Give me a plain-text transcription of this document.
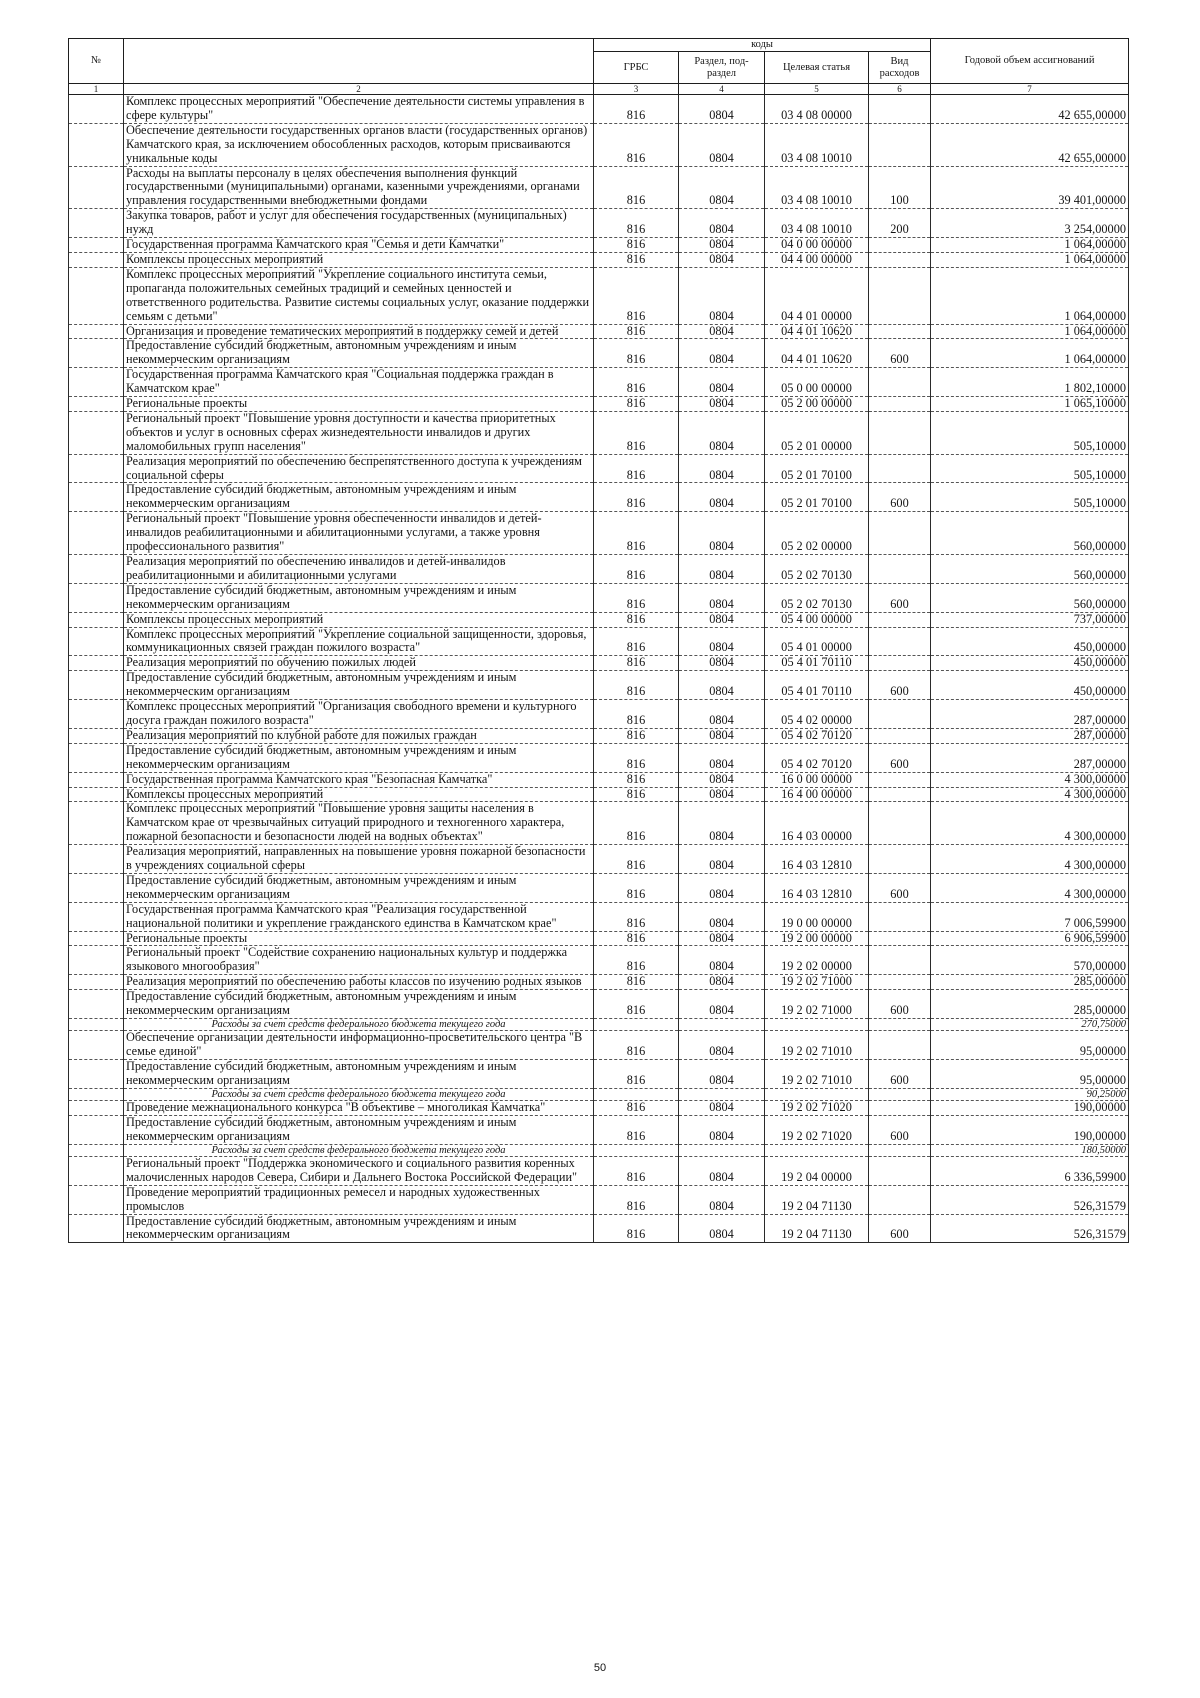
№		коды				Годовой объем ассигнований
		ГРБС	Раздел, под-раздел	Целевая статья	Вид расходов	
1	2	3	4	5	6	7
	Комплекс процессных мероприятий "Обеспечение деятельности системы управления в сфере культуры"	816	0804	03 4 08 00000		42 655,00000
	Обеспечение деятельности государственных органов власти (государственных органов) Камчатского края, за исключением обособленных расходов, которым присваиваются уникальные коды	816	0804	03 4 08 10010		42 655,00000
	Расходы на выплаты персоналу в целях обеспечения выполнения функций государственными (муниципальными) органами, казенными учреждениями, органами управления государственными внебюджетными фондами	816	0804	03 4 08 10010	100	39 401,00000
	Закупка товаров, работ и услуг для обеспечения государственных (муниципальных) нужд	816	0804	03 4 08 10010	200	3 254,00000
	Государственная программа Камчатского края "Семья и дети Камчатки"	816	0804	04 0 00 00000		1 064,00000
	Комплексы процессных мероприятий	816	0804	04 4 00 00000		1 064,00000
	Комплекс процессных мероприятий "Укрепление социального института семьи, пропаганда положительных семейных традиций и семейных ценностей и ответственного родительства. Развитие системы социальных услуг, оказание поддержки семьям с детьми"	816	0804	04 4 01 00000		1 064,00000
	Организация и проведение тематических мероприятий в поддержку семей и детей	816	0804	04 4 01 10620		1 064,00000
	Предоставление субсидий бюджетным, автономным учреждениям и иным некоммерческим организациям	816	0804	04 4 01 10620	600	1 064,00000
	Государственная программа Камчатского края "Социальная поддержка граждан в Камчатском крае"	816	0804	05 0 00 00000		1 802,10000
	Региональные проекты	816	0804	05 2 00 00000		1 065,10000
	Региональный проект "Повышение уровня доступности и качества приоритетных объектов и услуг в основных сферах жизнедеятельности инвалидов и других маломобильных групп населения"	816	0804	05 2 01 00000		505,10000
	Реализация мероприятий по обеспечению беспрепятственного доступа к учреждениям социальной сферы	816	0804	05 2 01 70100		505,10000
	Предоставление субсидий бюджетным, автономным учреждениям и иным некоммерческим организациям	816	0804	05 2 01 70100	600	505,10000
	Региональный проект "Повышение уровня обеспеченности инвалидов и детей-инвалидов реабилитационными и абилитационными услугами, а также уровня профессионального развития"	816	0804	05 2 02 00000		560,00000
	Реализация мероприятий по обеспечению инвалидов и детей-инвалидов реабилитационными и абилитационными услугами	816	0804	05 2 02 70130		560,00000
	Предоставление субсидий бюджетным, автономным учреждениям и иным некоммерческим организациям	816	0804	05 2 02 70130	600	560,00000
	Комплексы процессных мероприятий	816	0804	05 4 00 00000		737,00000
	Комплекс процессных мероприятий "Укрепление социальной защищенности, здоровья, коммуникационных связей граждан пожилого возраста"	816	0804	05 4 01 00000		450,00000
	Реализация мероприятий по обучению пожилых людей	816	0804	05 4 01 70110		450,00000
	Предоставление субсидий бюджетным, автономным учреждениям и иным некоммерческим организациям	816	0804	05 4 01 70110	600	450,00000
	Комплекс процессных мероприятий "Организация свободного времени и культурного досуга граждан пожилого возраста"	816	0804	05 4 02 00000		287,00000
	Реализация мероприятий по клубной работе для пожилых граждан	816	0804	05 4 02 70120		287,00000
	Предоставление субсидий бюджетным, автономным учреждениям и иным некоммерческим организациям	816	0804	05 4 02 70120	600	287,00000
	Государственная программа Камчатского края "Безопасная Камчатка"	816	0804	16 0 00 00000		4 300,00000
	Комплексы процессных мероприятий	816	0804	16 4 00 00000		4 300,00000
	Комплекс процессных мероприятий "Повышение уровня защиты населения в Камчатском крае от чрезвычайных ситуаций природного и техногенного характера, пожарной безопасности и безопасности людей на водных объектах"	816	0804	16 4 03 00000		4 300,00000
	Реализация мероприятий, направленных на повышение уровня пожарной безопасности в учреждениях социальной сферы	816	0804	16 4 03 12810		4 300,00000
	Предоставление субсидий бюджетным, автономным учреждениям и иным некоммерческим организациям	816	0804	16 4 03 12810	600	4 300,00000
	Государственная программа Камчатского края "Реализация государственной национальной политики и укрепление гражданского единства в Камчатском крае"	816	0804	19 0 00 00000		7 006,59900
	Региональные проекты	816	0804	19 2 00 00000		6 906,59900
	Региональный проект "Содействие сохранению национальных культур и поддержка языкового многообразия"	816	0804	19 2 02 00000		570,00000
	Реализация мероприятий по обеспечению работы классов по изучению родных языков	816	0804	19 2 02 71000		285,00000
	Предоставление субсидий бюджетным, автономным учреждениям и иным некоммерческим организациям	816	0804	19 2 02 71000	600	285,00000
	Расходы за счет средств федерального бюджета текущего года					270,75000
	Обеспечение организации деятельности информационно-просветительского центра "В семье единой"	816	0804	19 2 02 71010		95,00000
	Предоставление субсидий бюджетным, автономным учреждениям и иным некоммерческим организациям	816	0804	19 2 02 71010	600	95,00000
	Расходы за счет средств федерального бюджета текущего года					90,25000
	Проведение межнационального конкурса "В объективе – многоликая Камчатка"	816	0804	19 2 02 71020		190,00000
	Предоставление субсидий бюджетным, автономным учреждениям и иным некоммерческим организациям	816	0804	19 2 02 71020	600	190,00000
	Расходы за счет средств федерального бюджета текущего года					180,50000
	Региональный проект "Поддержка экономического и социального развития коренных малочисленных народов Севера, Сибири и Дальнего Востока Российской Федерации"	816	0804	19 2 04 00000		6 336,59900
	Проведение мероприятий традиционных ремесел и народных художественных промыслов	816	0804	19 2 04 71130		526,31579
	Предоставление субсидий бюджетным, автономным учреждениям и иным некоммерческим организациям	816	0804	19 2 04 71130	600	526,31579
50
